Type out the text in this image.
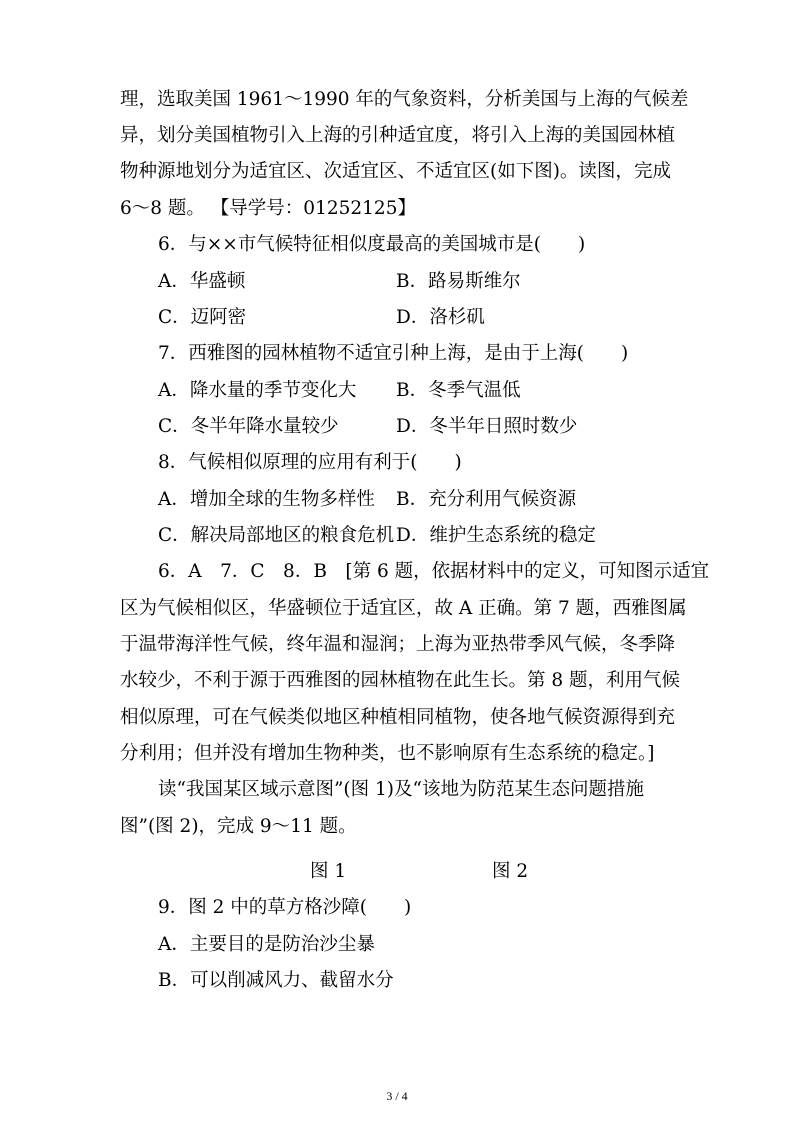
理，选取美国 1961～1990 年的气象资料，分析美国与上海的气候差
异，划分美国植物引入上海的引种适宜度，将引入上海的美国园林植
物种源地划分为适宜区、次适宜区、不适宜区(如下图)。读图，完成
6～8 题。 【导学号：01252125】
6．与××市气候特征相似度最高的美国城市是(　　)
A．华盛顿	B．路易斯维尔
C．迈阿密	D．洛杉矶
7．西雅图的园林植物不适宜引种上海，是由于上海(　　)
A．降水量的季节变化大 B．冬季气温低
C．冬半年降水量较少	D．冬半年日照时数少
8．气候相似原理的应用有利于(　　)
A．增加全球的生物多样性 B．充分利用气候资源
C．解决局部地区的粮食危机 D．维护生态系统的稳定
6．A　7．C　8．B　[第 6 题，依据材料中的定义，可知图示适宜
区为气候相似区，华盛顿位于适宜区，故 A 正确。第 7 题，西雅图属
于温带海洋性气候，终年温和湿润；上海为亚热带季风气候，冬季降
水较少，不利于源于西雅图的园林植物在此生长。第 8 题，利用气候
相似原理，可在气候类似地区种植相同植物，使各地气候资源得到充
分利用；但并没有增加生物种类，也不影响原有生态系统的稳定。]
读“我国某区域示意图”(图 1)及“该地为防范某生态问题措施
图”(图 2)，完成 9～11 题。
图 1	图 2
9．图 2 中的草方格沙障(　　)
A．主要目的是防治沙尘暴
B．可以削减风力、截留水分
3 / 4
